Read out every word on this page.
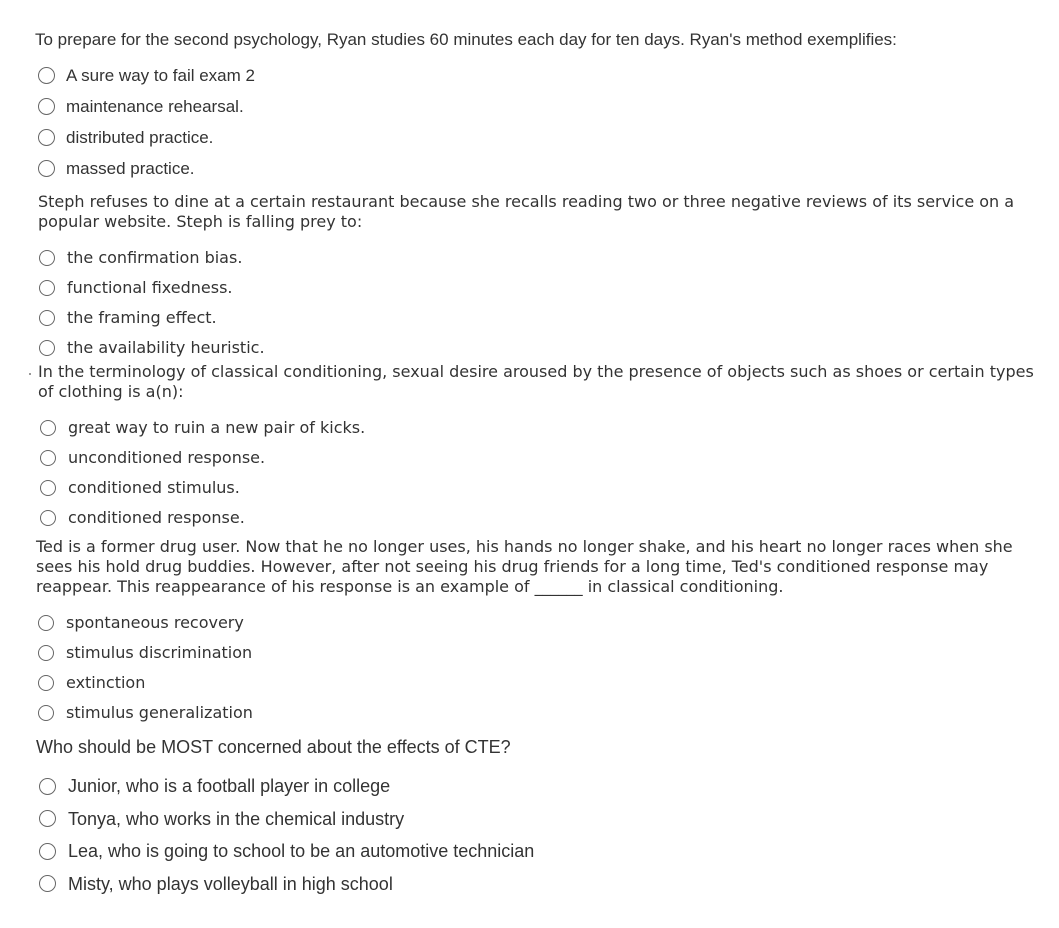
To prepare for the second psychology, Ryan studies 60 minutes each day for ten days. Ryan's method exemplifies:

A sure way to fail exam 2
maintenance rehearsal.
distributed practice.
massed practice.

Steph refuses to dine at a certain restaurant because she recalls reading two or three negative reviews of its service on a popular website. Steph is falling prey to:

the confirmation bias.
functional fixedness.
the framing effect.
the availability heuristic.

In the terminology of classical conditioning, sexual desire aroused by the presence of objects such as shoes or certain types of clothing is a(n):

great way to ruin a new pair of kicks.
unconditioned response.
conditioned stimulus.
conditioned response.

Ted is a former drug user. Now that he no longer uses, his hands no longer shake, and his heart no longer races when she sees his hold drug buddies. However, after not seeing his drug friends for a long time, Ted's conditioned response may reappear. This reappearance of his response is an example of ______ in classical conditioning.

spontaneous recovery
stimulus discrimination
extinction
stimulus generalization

Who should be MOST concerned about the effects of CTE?

Junior, who is a football player in college
Tonya, who works in the chemical industry
Lea, who is going to school to be an automotive technician
Misty, who plays volleyball in high school
